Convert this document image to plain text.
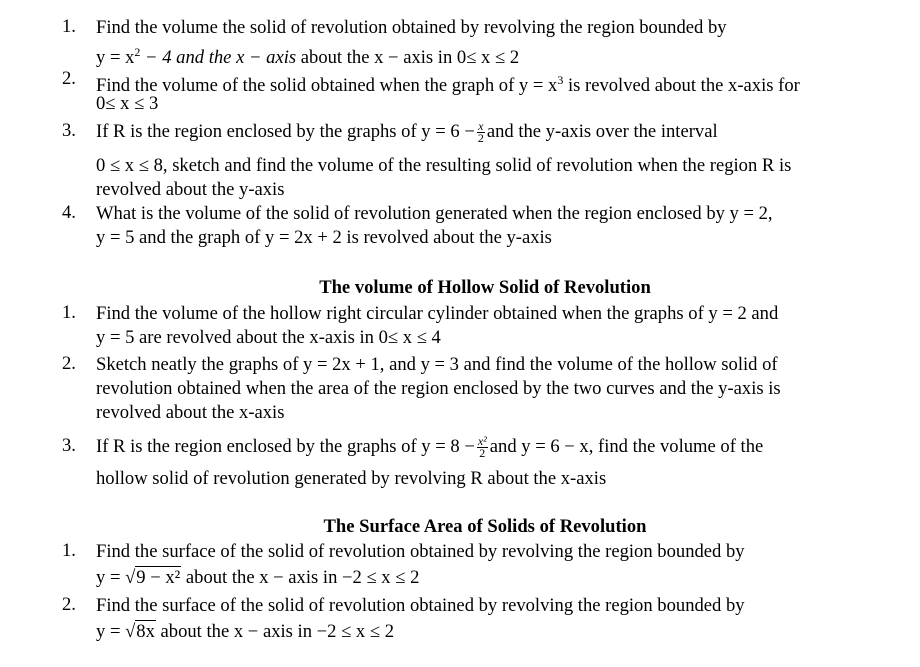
1.	Find the volume the solid of revolution obtained by revolving the region bounded by
$y = x^2 - 4$ and the x − axis about the x − axis in 0≤ x ≤ 2
2.	Find the volume of the solid obtained when the graph of $y = x^3$ is revolved about the x-axis for
0≤ x ≤ 3
3.	If R is the region enclosed by the graphs of $y = 6 - \frac{x}{2}$ and the y-axis over the interval
0 ≤ x ≤ 8, sketch and find the volume of the resulting solid of revolution when the region R is
revolved about the y-axis
4.	What is the volume of the solid of revolution generated when the region enclosed by y = 2,
y = 5 and the graph of y = 2x + 2 is revolved about the y-axis
The volume of Hollow Solid of Revolution
1.	Find the volume of the hollow right circular cylinder obtained when the graphs of y = 2 and
y = 5 are revolved about the x-axis in 0≤ x ≤ 4
2.	Sketch neatly the graphs of y = 2x + 1, and y = 3 and find the volume of the hollow solid of
revolution obtained when the area of the region enclosed by the two curves and the y-axis is
revolved about the x-axis
3.	If R is the region enclosed by the graphs of $y = 8 - \frac{\text{x²}}{2}$ and y = 6 − x, find the volume of the
hollow solid of revolution generated by revolving R about the x-axis
The Surface Area of Solids of Revolution
1.	Find the surface of the solid of revolution obtained by revolving the region bounded by
y = √9 − x² about the x − axis in −2 ≤ x ≤ 2
2.	Find the surface of the solid of revolution obtained by revolving the region bounded by
y = √8x about the x − axis in −2 ≤ x ≤ 2
